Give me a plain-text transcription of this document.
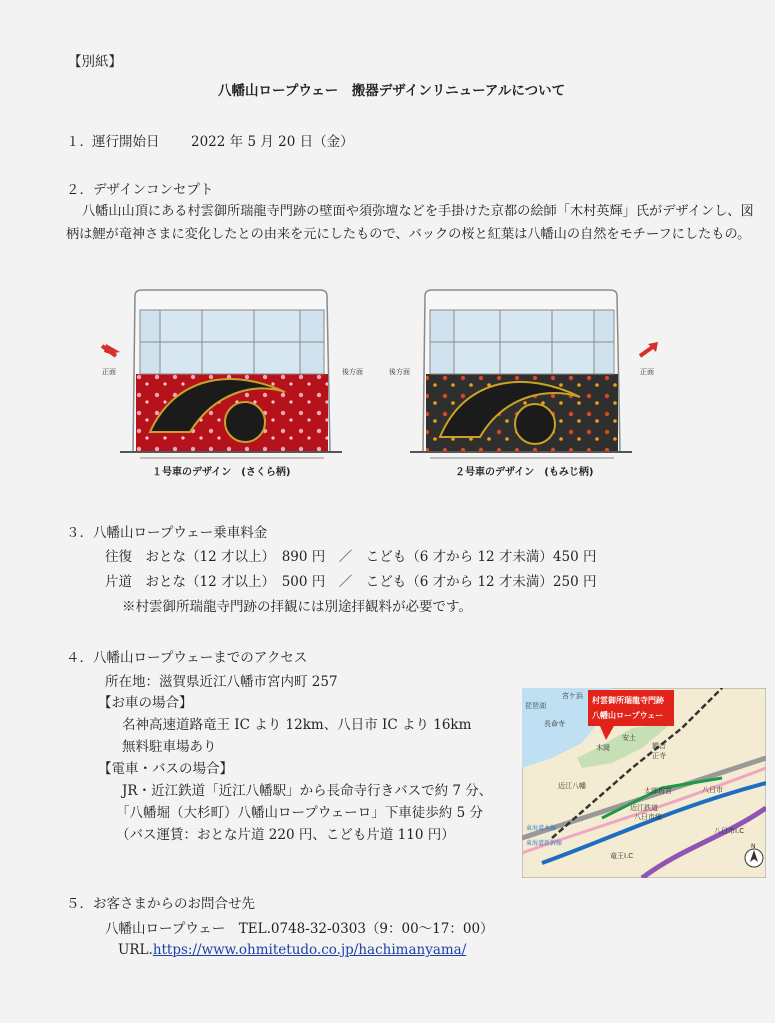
【別紙】
八幡山ロープウェー　搬器デザインリニューアルについて
１． 運行開始日 2022 年 5 月 20 日（金）
２．デザインコンセプト
八幡山山頂にある村雲御所瑞龍寺門跡の壁面や須弥壇などを手掛けた京都の絵師「木村英輝」氏がデザインし、図柄は鯉が竜神さまに変化したとの由来を元にしたもので、バックの桜と紅葉は八幡山の自然をモチーフにしたもの。
正面	後方面	後方面	正面
１号車のデザイン　(さくら柄)	２号車のデザイン　(もみじ柄)
３．八幡山ロープウェー乗車料金
往復　おとな（12 才以上）　890 円　／　こども（6 才から 12 才未満）450 円
片道　おとな（12 才以上）　500 円　／　こども（6 才から 12 才未満）250 円
※村雲御所瑞龍寺門跡の拝観には別途拝観料が必要です。
４．八幡山ロープウェーまでのアクセス
所在地：滋賀県近江八幡市宮内町 257
【お車の場合】
名神高速道路竜王 IC より 12km、八日市 IC より 16km
無料駐車場あり
【電車・バスの場合】
JR・近江鉄道「近江八幡駅」から長命寺行きバスで約 7 分、
「八幡堀（大杉町）八幡山ロープウェーロ」下車徒歩約 5 分
（バス運賃：おとな片道 220 円、こども片道 110 円）
村雲御所瑞龍寺門跡
八幡山ロープウェー
琵琶湖
宮ケ浜
長命寺
安土
木岡	観音
正寺
近江八幡
太郎坊宮	八日市
近江鉄道
八日市線
東海道本線
東海道新幹線
竜王I.C
八日市I.C
N
５．お客さまからのお問合せ先
八幡山ロープウェー　TEL.0748-32-0303（9：00～17：00）
URL.https://www.ohmitetudo.co.jp/hachimanyama/
